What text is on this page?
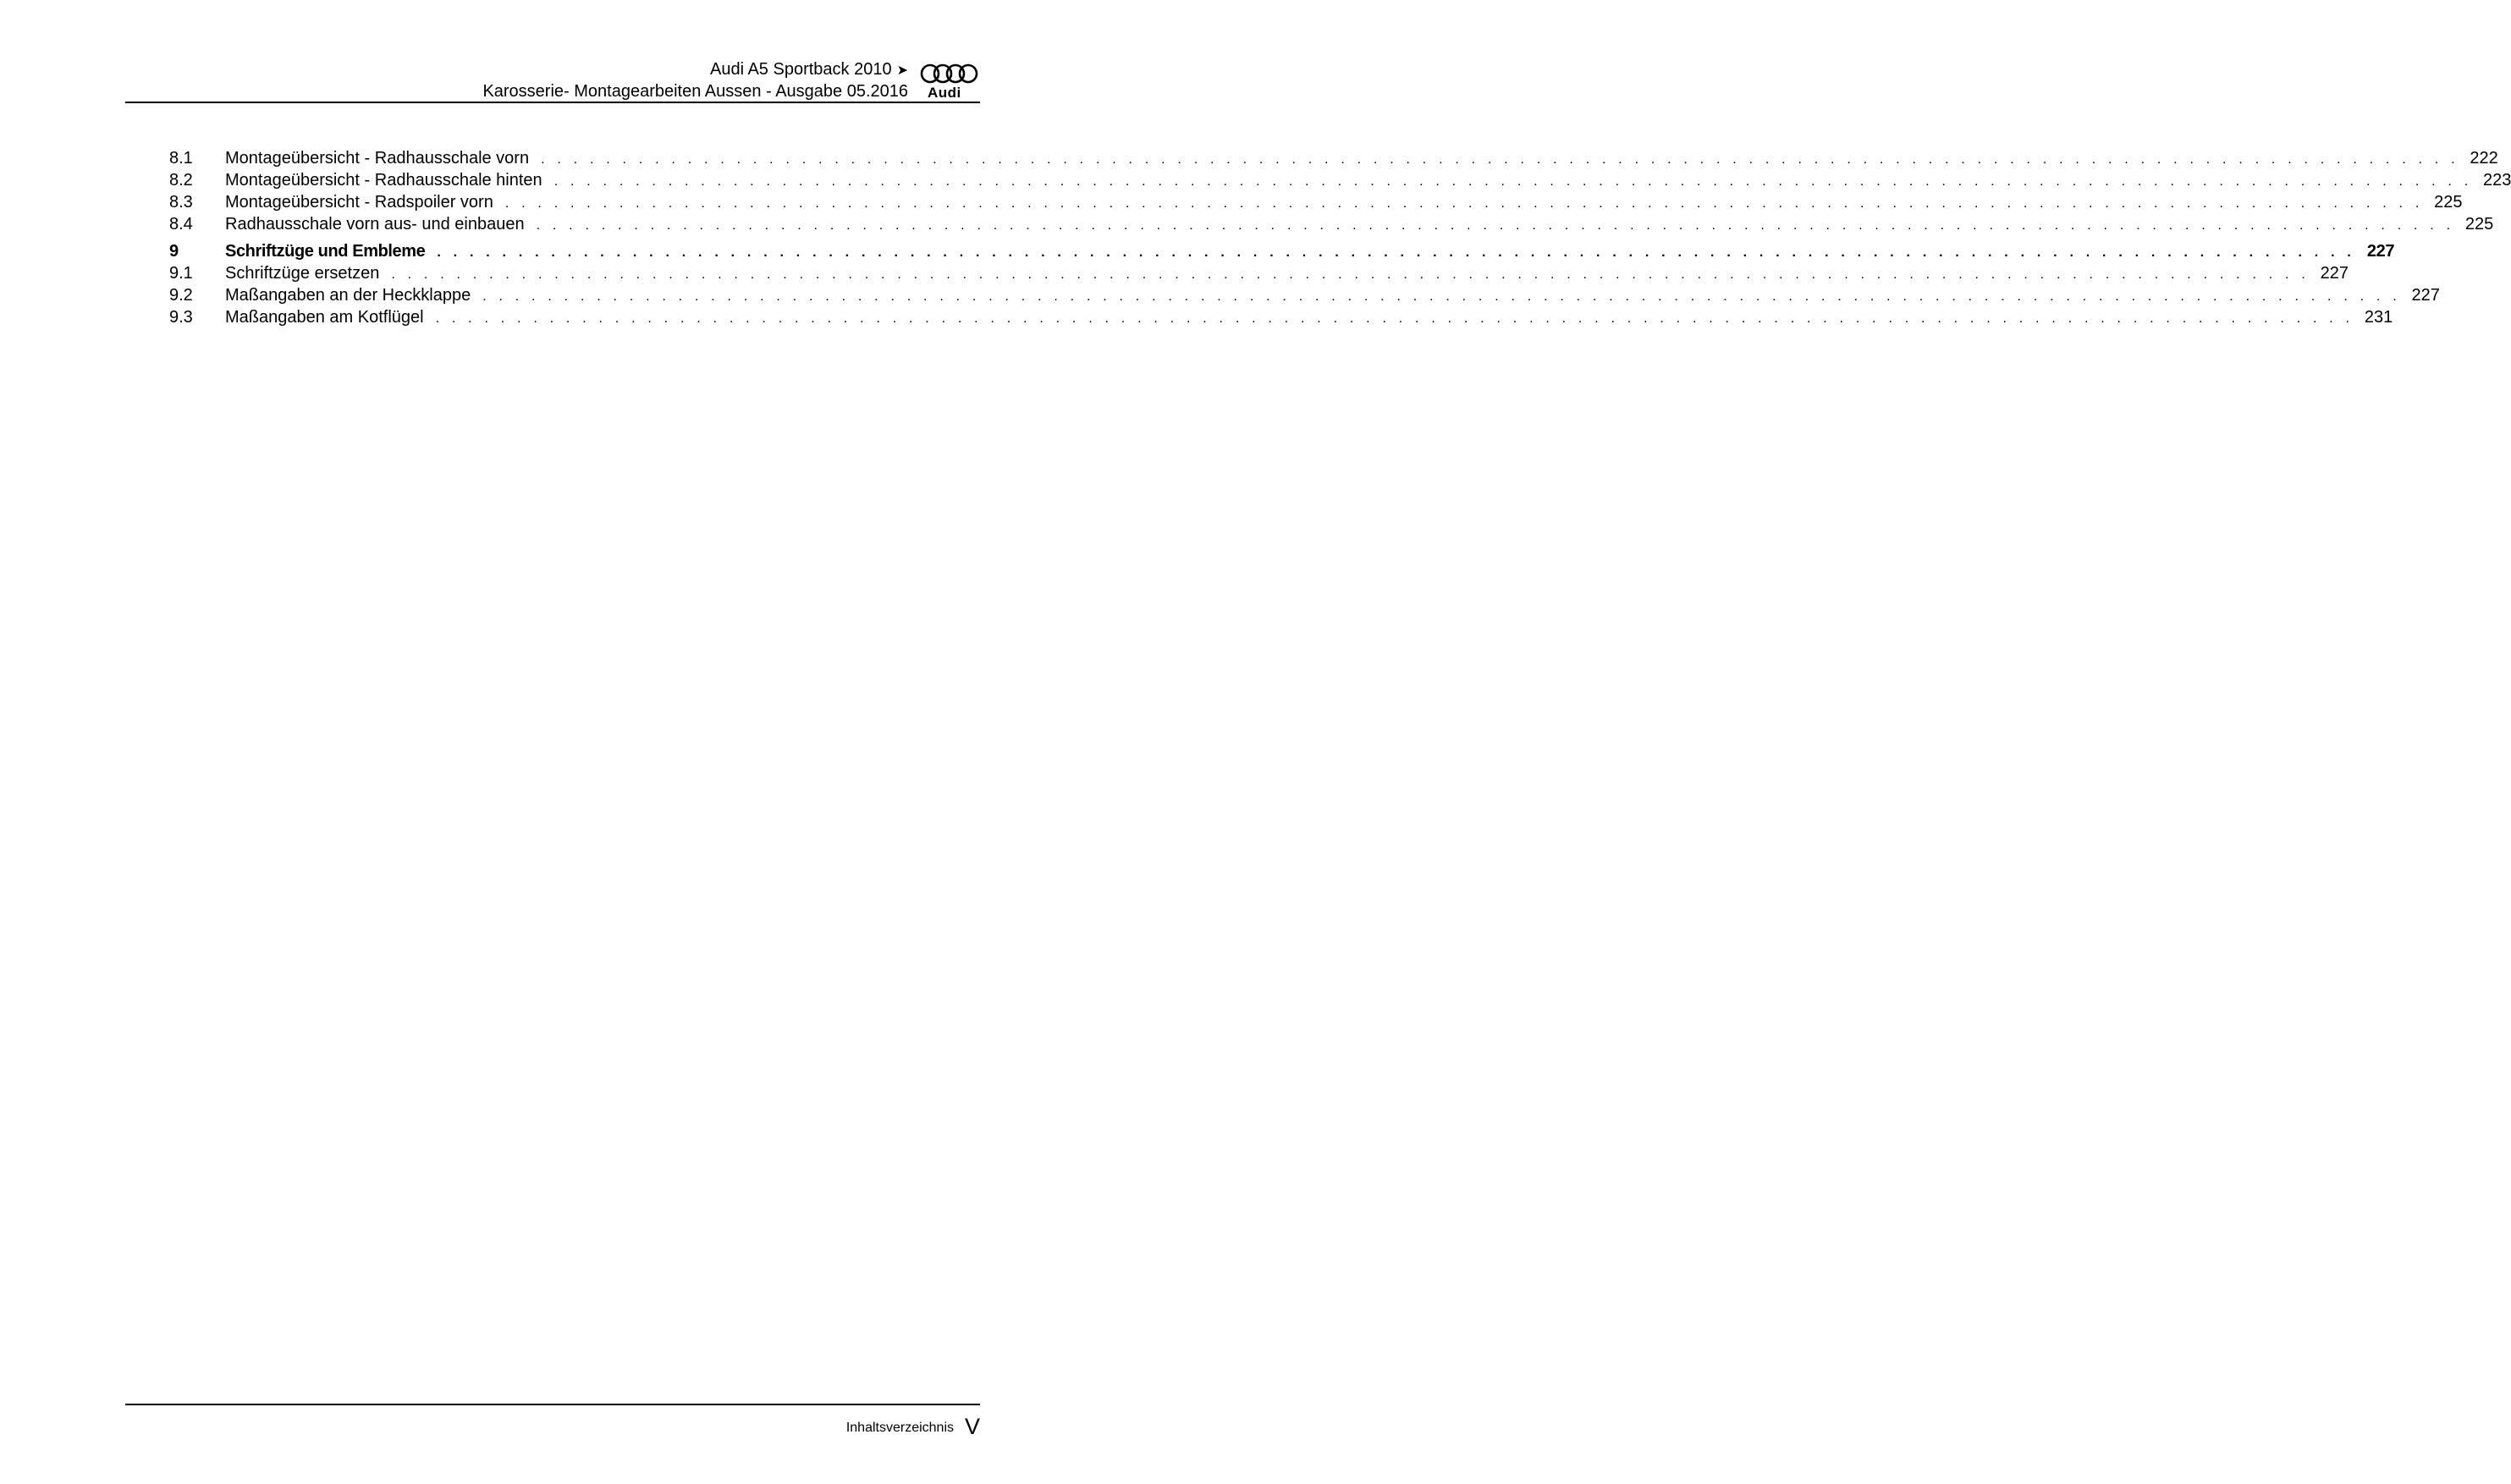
Audi A5 Sportback 2010 ➤
Karosserie- Montagearbeiten Aussen - Ausgabe 05.2016 Audi
8.1	Montageübersicht - Radhausschale vorn . . . . . . . . . . . . . . . . . . . . . . . . . . . . . . . . . . . . . . . . . . . . . . . . . . . . . . . . . . . . . . . . . . . . . . . . . . . . . . . . . . . . . . . . . . . . . . . . . . . . . . . . . . . . . . . . . . . . . . 222
8.2	Montageübersicht - Radhausschale hinten . . . . . . . . . . . . . . . . . . . . . . . . . . . . . . . . . . . . . . . . . . . . . . . . . . . . . . . . . . . . . . . . . . . . . . . . . . . . . . . . . . . . . . . . . . . . . . . . . . . . . . . . . . . . . . . . . . . . . . 223
8.3	Montageübersicht - Radspoiler vorn . . . . . . . . . . . . . . . . . . . . . . . . . . . . . . . . . . . . . . . . . . . . . . . . . . . . . . . . . . . . . . . . . . . . . . . . . . . . . . . . . . . . . . . . . . . . . . . . . . . . . . . . . . . . . . . . . . . . . . 225
8.4	Radhausschale vorn aus- und einbauen . . . . . . . . . . . . . . . . . . . . . . . . . . . . . . . . . . . . . . . . . . . . . . . . . . . . . . . . . . . . . . . . . . . . . . . . . . . . . . . . . . . . . . . . . . . . . . . . . . . . . . . . . . . . . . . . . . . . . . 225
9	Schriftzüge und Embleme . . . . . . . . . . . . . . . . . . . . . . . . . . . . . . . . . . . . . . . . . . . . . . . . . . . . . . . . . . . . . . . . . . . . . . . . . . . . . . . . . . . . . . . . . . . . . . . . . . . . . . . . . . . . . . . . . . . . . . 227
9.1	Schriftzüge ersetzen . . . . . . . . . . . . . . . . . . . . . . . . . . . . . . . . . . . . . . . . . . . . . . . . . . . . . . . . . . . . . . . . . . . . . . . . . . . . . . . . . . . . . . . . . . . . . . . . . . . . . . . . . . . . . . . . . . . . . . 227
9.2	Maßangaben an der Heckklappe . . . . . . . . . . . . . . . . . . . . . . . . . . . . . . . . . . . . . . . . . . . . . . . . . . . . . . . . . . . . . . . . . . . . . . . . . . . . . . . . . . . . . . . . . . . . . . . . . . . . . . . . . . . . . . . . . . . . . . 227
9.3	Maßangaben am Kotflügel . . . . . . . . . . . . . . . . . . . . . . . . . . . . . . . . . . . . . . . . . . . . . . . . . . . . . . . . . . . . . . . . . . . . . . . . . . . . . . . . . . . . . . . . . . . . . . . . . . . . . . . . . . . . . . . . . . . . . . 231
Inhaltsverzeichnis V
